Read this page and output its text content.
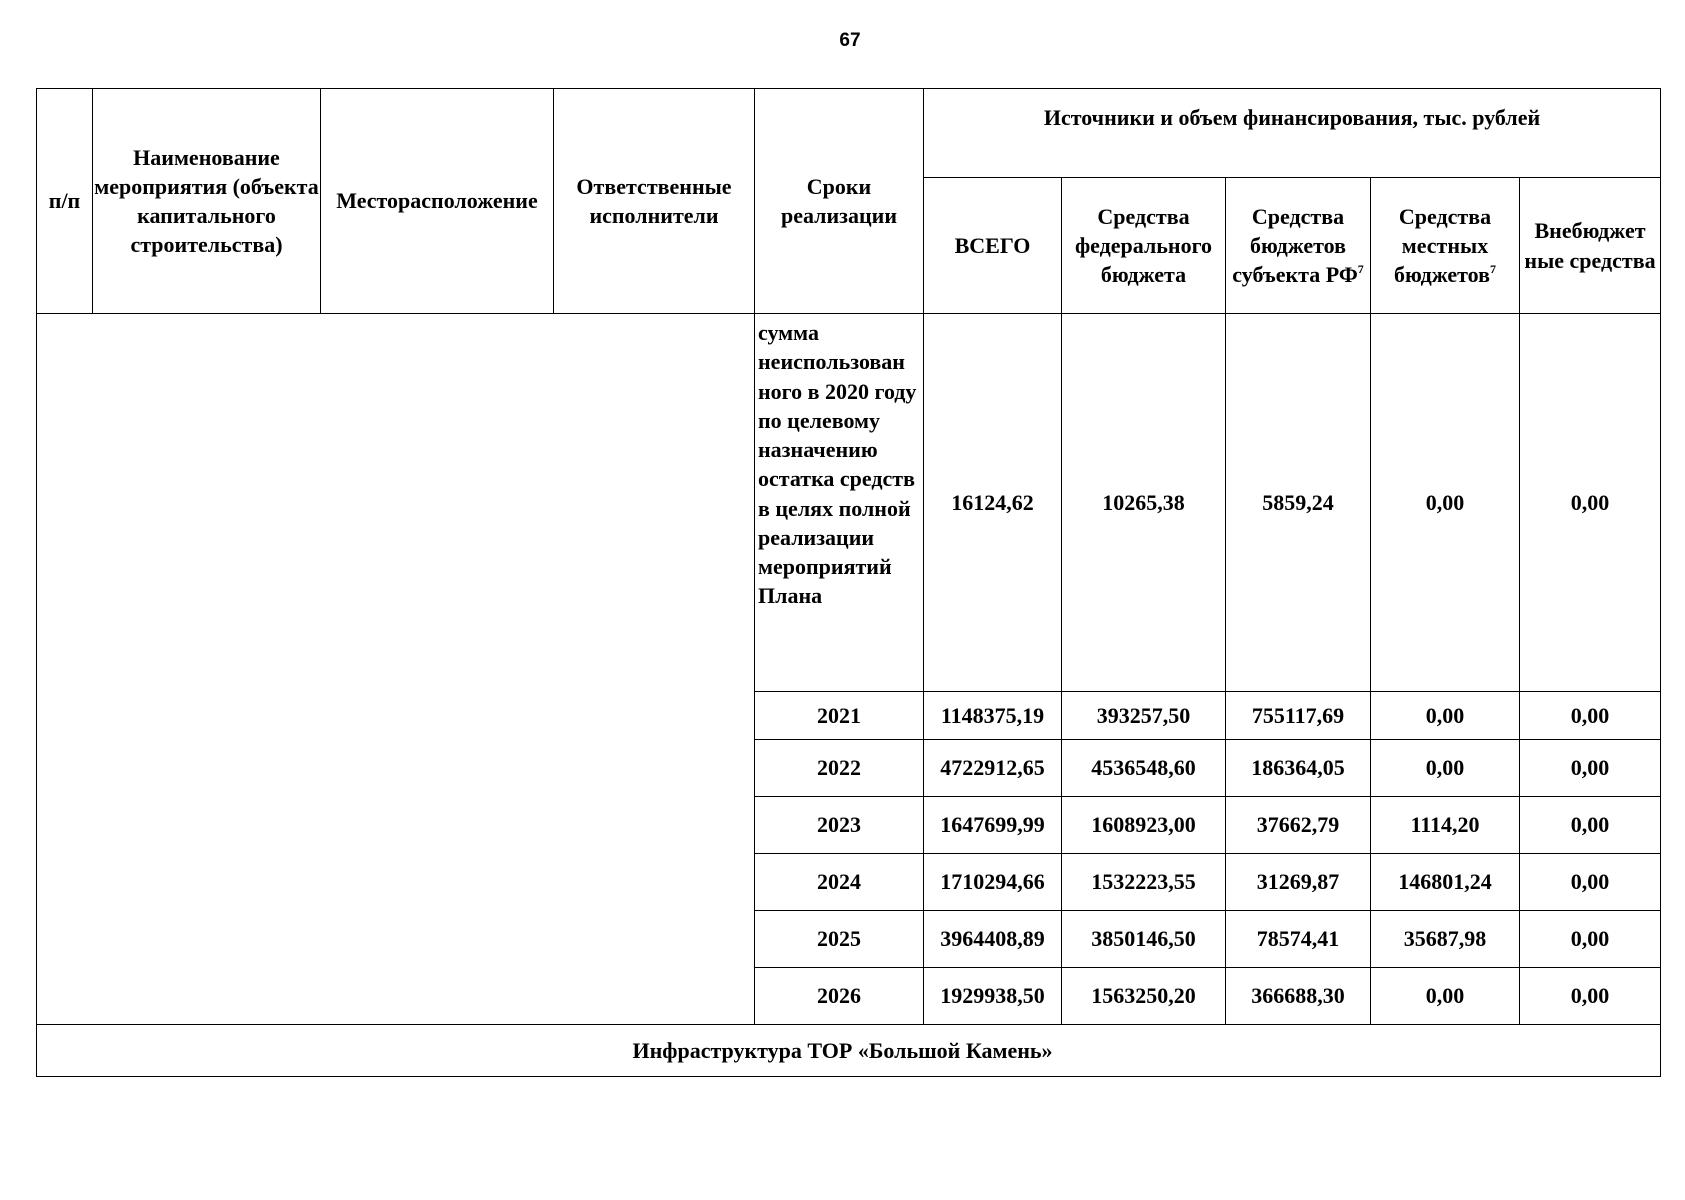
67
п/п	Наименование мероприятия (объекта капитального строительства)	Месторасположение	Ответственные исполнители	Сроки реализации	Источники и объем финансирования, тыс. рублей				
					ВСЕГО	Средства федерального бюджета	Средства бюджетов субъекта $РФ^7$	Средства местных бюджетов$^7$	Внебюджет ные средства
				сумма неиспользован ного в 2020 году по целевому назначению остатка средств в целях полной реализации мероприятий Плана	16124,62	10265,38	5859,24	0,00	0,00
				2021	1148375,19	393257,50	755117,69	0,00	0,00
				2022	4722912,65	4536548,60	186364,05	0,00	0,00
				2023	1647699,99	1608923,00	37662,79	1114,20	0,00
				2024	1710294,66	1532223,55	31269,87	146801,24	0,00
				2025	3964408,89	3850146,50	78574,41	35687,98	0,00
				2026	1929938,50	1563250,20	366688,30	0,00	0,00
Инфраструктура ТОР «Большой Камень»									
